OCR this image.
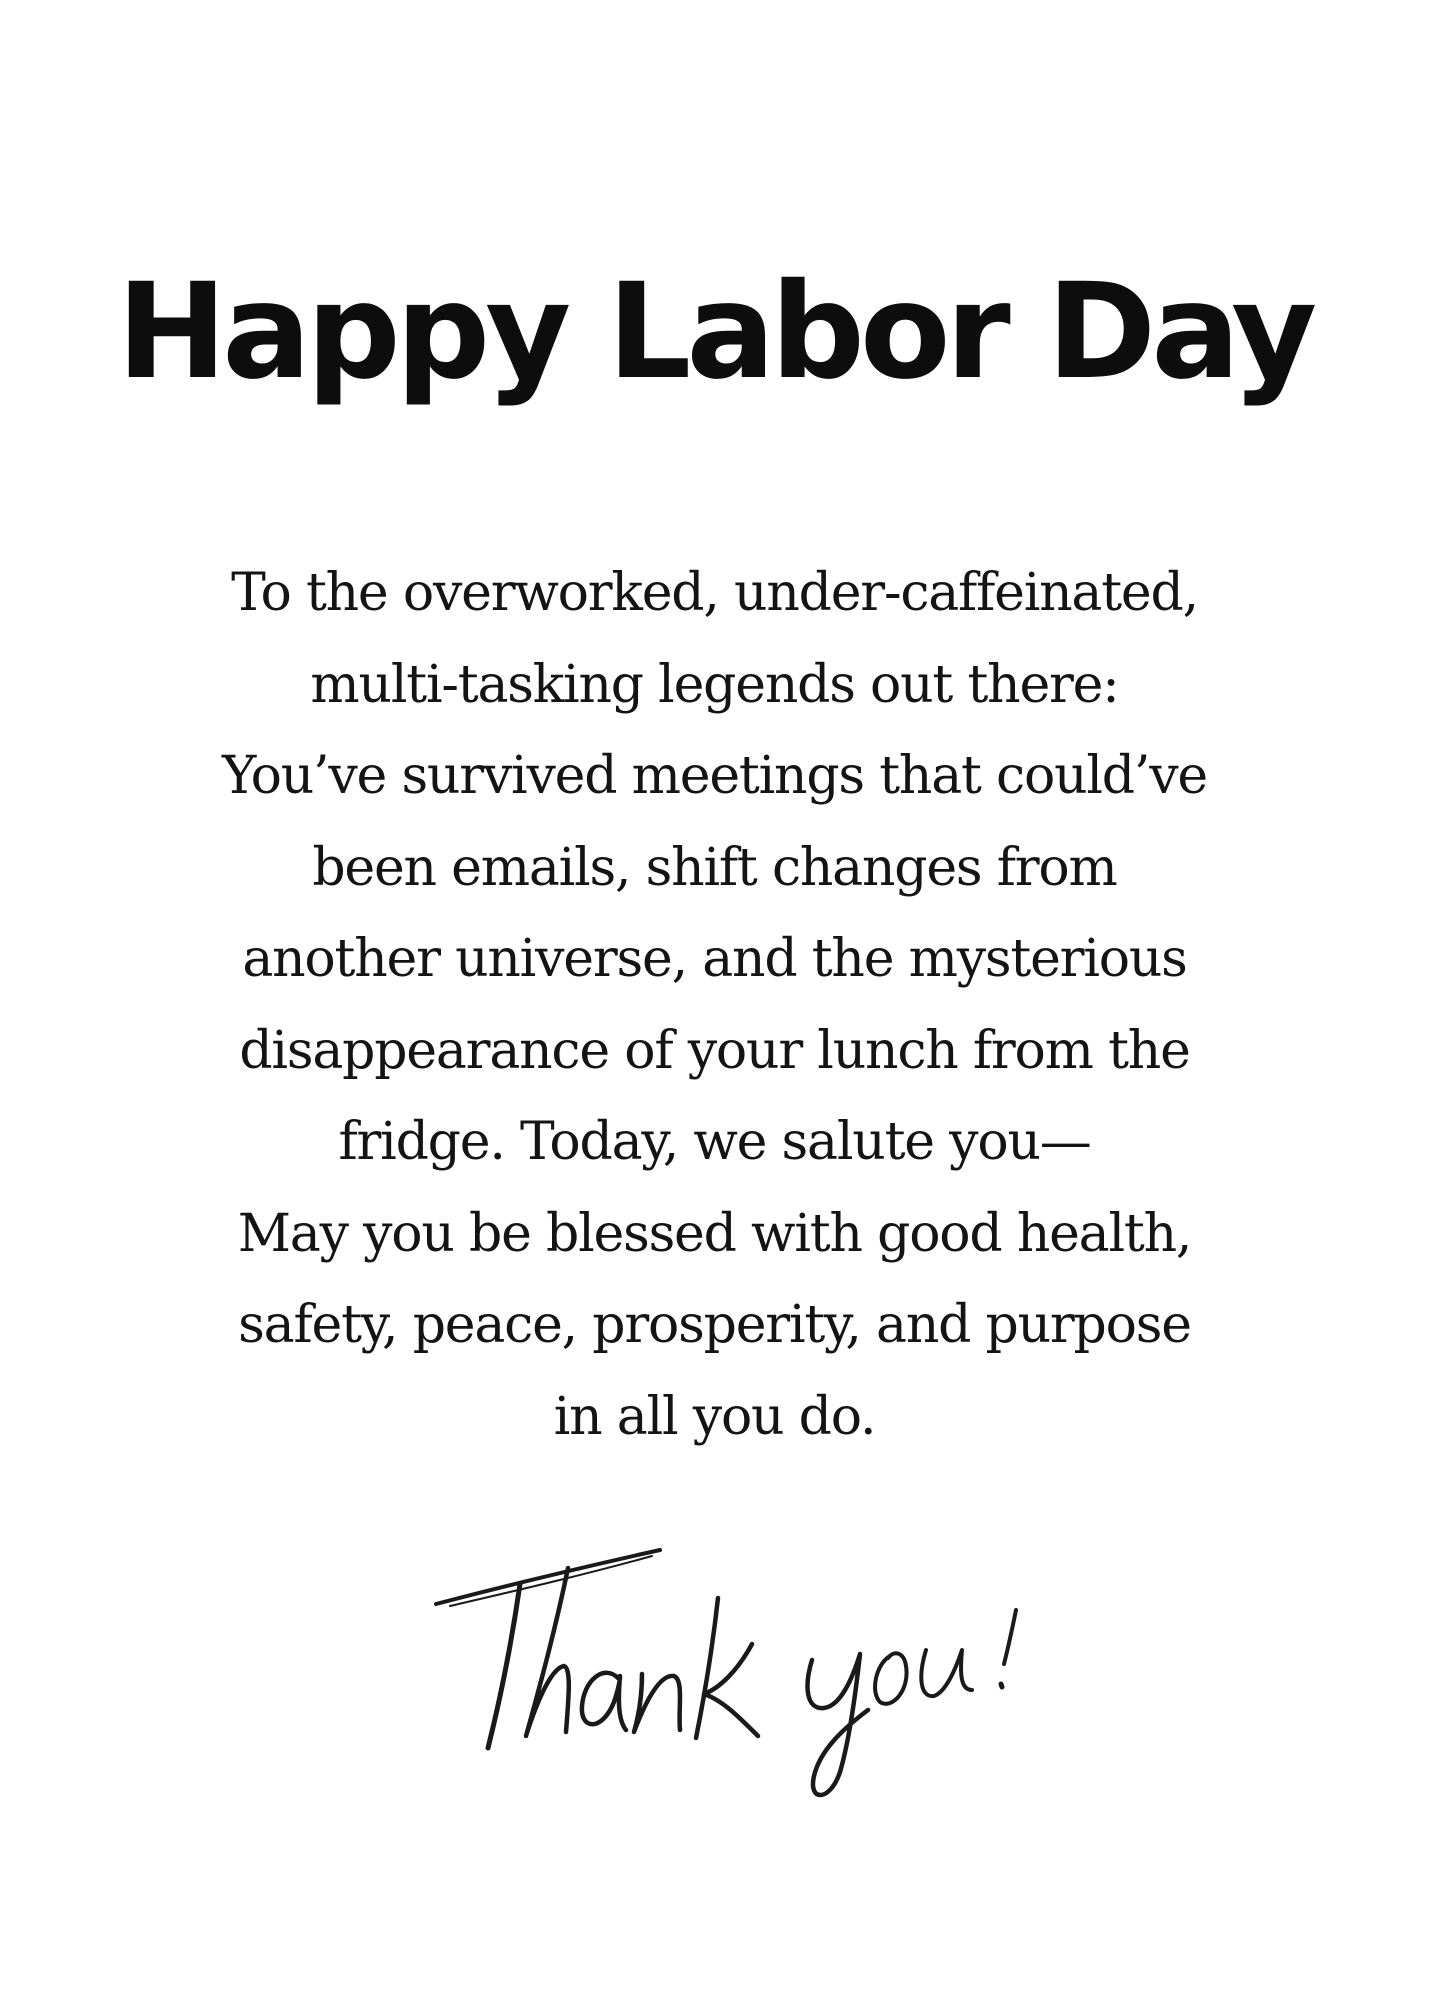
Happy Labor Day
To the overworked, under-caffeinated,
multi-tasking legends out there:
You’ve survived meetings that could’ve
been emails, shift changes from
another universe, and the mysterious
disappearance of your lunch from the
fridge. Today, we salute you—
May you be blessed with good health,
safety, peace, prosperity, and purpose
in all you do.
